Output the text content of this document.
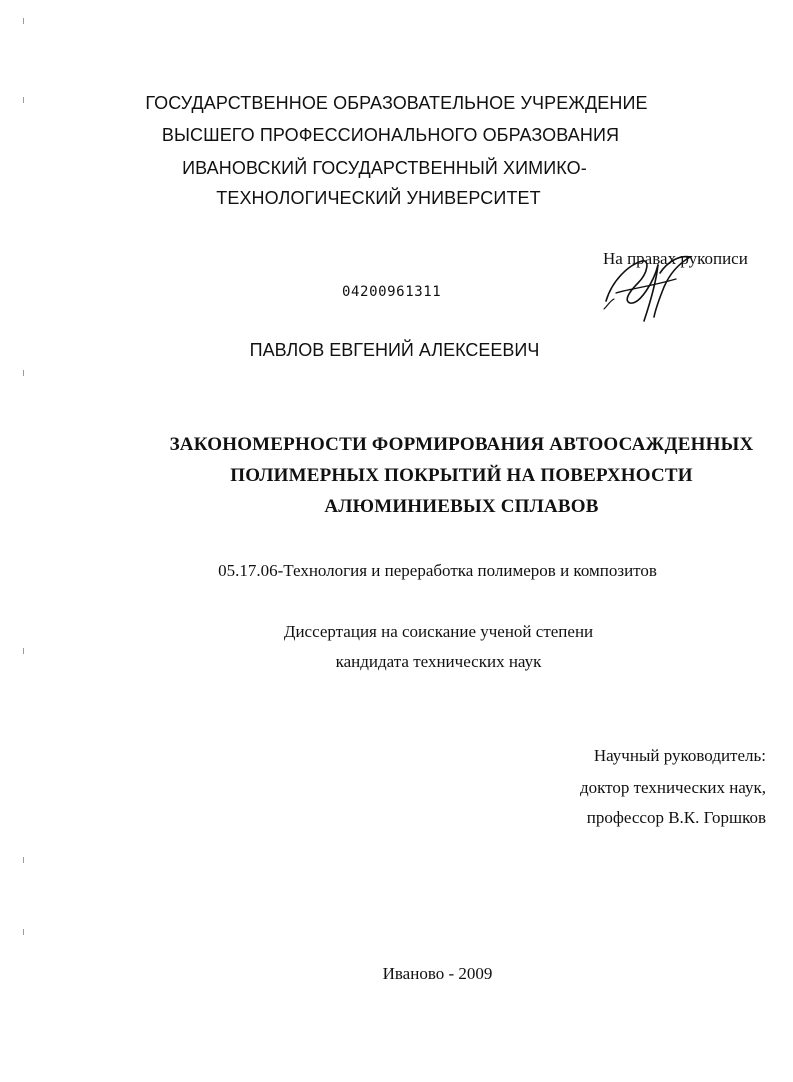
ГОСУДАРСТВЕННОЕ ОБРАЗОВАТЕЛЬНОЕ УЧРЕЖДЕНИЕ
ВЫСШЕГО ПРОФЕССИОНАЛЬНОГО ОБРАЗОВАНИЯ
ИВАНОВСКИЙ ГОСУДАРСТВЕННЫЙ ХИМИКО-
ТЕХНОЛОГИЧЕСКИЙ УНИВЕРСИТЕТ
На правах рукописи
04200961311
ПАВЛОВ ЕВГЕНИЙ АЛЕКСЕЕВИЧ
ЗАКОНОМЕРНОСТИ ФОРМИРОВАНИЯ АВТООСАЖДЕННЫХ
ПОЛИМЕРНЫХ ПОКРЫТИЙ НА ПОВЕРХНОСТИ
АЛЮМИНИЕВЫХ СПЛАВОВ
05.17.06-Технология и переработка полимеров и композитов
Диссертация на соискание ученой степени
кандидата технических наук
Научный руководитель:
доктор технических наук,
профессор В.К. Горшков
Иваново - 2009
